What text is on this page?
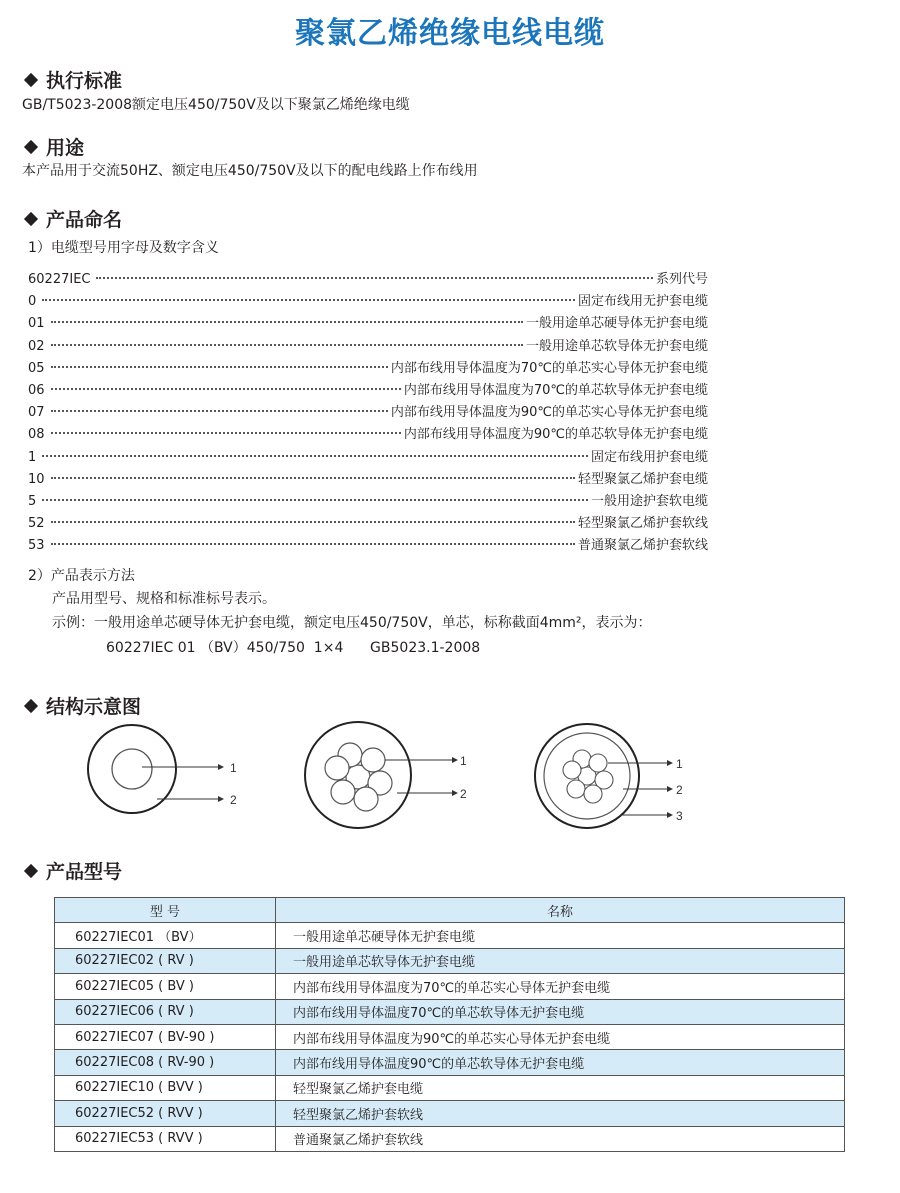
聚氯乙烯绝缘电线电缆
执行标准
GB/T5023-2008额定电压450/750V及以下聚氯乙烯绝缘电缆
用途
本产品用于交流50HZ、额定电压450/750V及以下的配电线路上作布线用
产品命名
1）电缆型号用字母及数字含义
60227IEC	系列代号
0	固定布线用无护套电缆
01	一般用途单芯硬导体无护套电缆
02	一般用途单芯软导体无护套电缆
05	内部布线用导体温度为70℃的单芯实心导体无护套电缆
06	内部布线用导体温度为70℃的单芯软导体无护套电缆
07	内部布线用导体温度为90℃的单芯实心导体无护套电缆
08	内部布线用导体温度为90℃的单芯软导体无护套电缆
1	固定布线用护套电缆
10	轻型聚氯乙烯护套电缆
5	一般用途护套软电缆
52	轻型聚氯乙烯护套软线
53	普通聚氯乙烯护套软线
2）产品表示方法
产品用型号、规格和标准标号表示。
示例：一般用途单芯硬导体无护套电缆，额定电压450/750V，单芯，标称截面4mm²，表示为：
60227IEC 01 （BV）450/750  1×4      GB5023.1-2008
结构示意图
1
2
1
2
1
2
3
产品型号
型 号	名称
60227IEC01 （BV）	一般用途单芯硬导体无护套电缆
60227IEC02 ( RV )	一般用途单芯软导体无护套电缆
60227IEC05 ( BV )	内部布线用导体温度为70℃的单芯实心导体无护套电缆
60227IEC06 ( RV )	内部布线用导体温度70℃的单芯软导体无护套电缆
60227IEC07 ( BV-90 )	内部布线用导体温度为90℃的单芯实心导体无护套电缆
60227IEC08 ( RV-90 )	内部布线用导体温度90℃的单芯软导体无护套电缆
60227IEC10 ( BVV )	轻型聚氯乙烯护套电缆
60227IEC52 ( RVV )	轻型聚氯乙烯护套软线
60227IEC53 ( RVV )	普通聚氯乙烯护套软线
